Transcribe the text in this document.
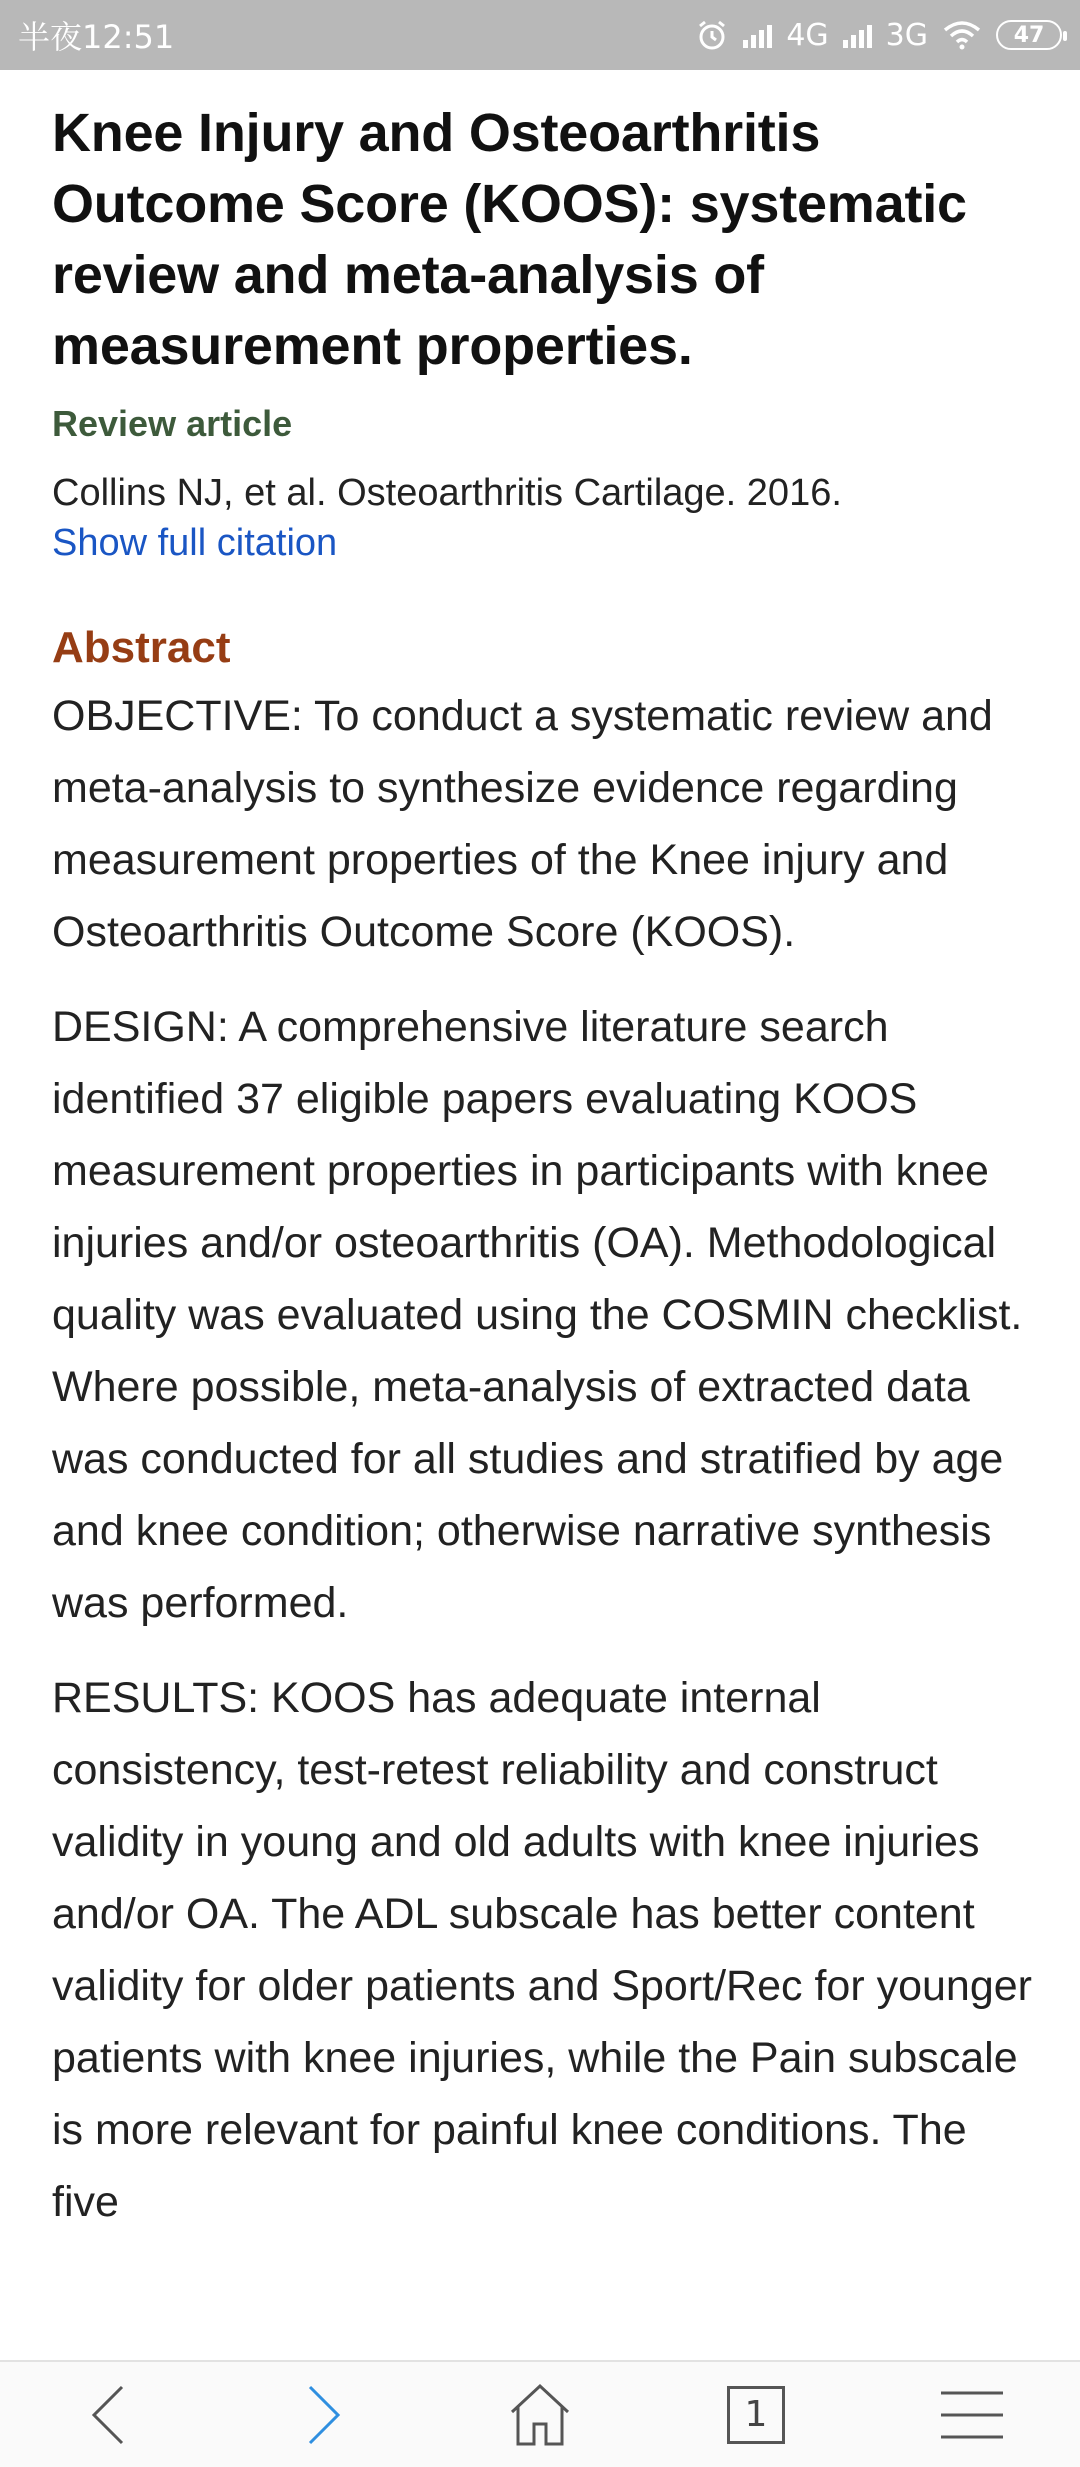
半夜12:51	4G 3G	47
Knee Injury and Osteoarthritis Outcome Score (KOOS): systematic review and meta-analysis of measurement properties.
Review article
Collins NJ, et al. Osteoarthritis Cartilage. 2016.
Show full citation
Abstract

OBJECTIVE: To conduct a systematic review and meta-analysis to synthesize evidence regarding measurement properties of the Knee injury and Osteoarthritis Outcome Score (KOOS).

DESIGN: A comprehensive literature search identified 37 eligible papers evaluating KOOS measurement properties in participants with knee injuries and/or osteoarthritis (OA). Methodological quality was evaluated using the COSMIN checklist. Where possible, meta-analysis of extracted data was conducted for all studies and stratified by age and knee condition; otherwise narrative synthesis was performed.

RESULTS: KOOS has adequate internal consistency, test-retest reliability and construct validity in young and old adults with knee injuries and/or OA. The ADL subscale has better content validity for older patients and Sport/Rec for younger patients with knee injuries, while the Pain subscale is more relevant for painful knee conditions. The five

1
